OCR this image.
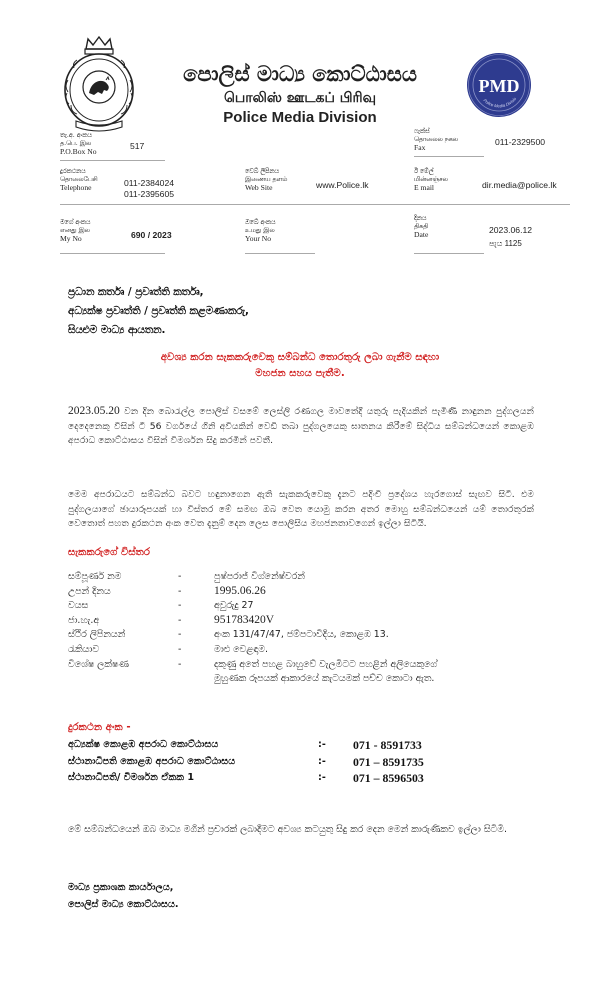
පොලිස් මාධ්‍ය කොට්ඨාසය
பொலிஸ் ஊடகப் பிரிவு
Police Media Division
PMD
Police Media Divisio
තැ.අ. අංකය
த.பெ. இல
P.O.Box No
517
ෆැක්ස්
தொலைல நகல
Fax
011-2329500
දුරකථනය
தொலைபேசி
Telephone	011-2384024
011-2395605
වෙබ් ලිපිනය
இணைய தளம்
Web Site	www.Police.lk
ඊ මේල්
மின்னஞ்சல
E mail	dir.media@police.lk
මගේ අංකය
எனது இல
My No	690 / 2023
ඔබේ අංකය
உமது இல
Your No
දිනය
திகதி
Date	2023.06.12
පැය 1125
ප්‍රධාන කර්තෘ / ප්‍රවෘත්ති කර්තෘ,
අධ්‍යක්ෂ ප්‍රවෘත්ති / ප්‍රවෘත්ති කළමණාකරු,
සියළුම මාධ්‍ය ආයතන.
අවශ්‍ය කරන සැකකරුවෙකු සම්බන්ධ තොරතුරු ලබා ගැනීම සඳහා
මහජන සහය පැතීම.
2023.05.20 වන දින බොරැල්ල පොලිස් වසමේ ලෙස්ලි රණගල මාවතේදී යතුරු පැදියකින් පැමිණි නාඳුනන පුද්ගලයන් දෙදෙනෙකු විසින් ටී 56 වර්ගයේ ගිනි අවියකින් වෙඩි තබා පුද්ගලයෙකු ඝාතනය කිරීමේ සිද්ධිය සම්බන්ධයෙන් කොළඹ අපරාධ කොට්ඨාසය විසින් විමර්ශන සිදු කරමින් පවතී.
මෙම අපරාධයට සම්බන්ධ බවට හඳුනාගෙන ඇති සැකකරුවෙකු දැනට පදිංචි ප්‍රදේශය හැරගොස් සැඟව සිටී. එම පුද්ගලයාගේ ඡායාරූපයක් හා විස්තර මේ සමඟ ඔබ වෙත යොමු කරන අතර මොහු සම්බන්ධයෙන් යම් තොරතුරක් වෙතොත් පහත දුරකථන අංක වෙත දැනුම් දෙන ලෙස පොලිසිය මහජනතාවගෙන් ඉල්ලා සිටියි.
සැකකරුගේ විස්තර
සම්පූර්ණ නම	-	පුෂ්පරාජ් විග්නේෂ්වරන්
උපන් දිනය	-	1995.06.26
වයස	-	අවුරුදු 27
ජා.හැ.අ	-	951783420V
ස්ථිර ලිපිනයන්	-	අංක 131/47/47, ජම්පටාවීදිය, කොළඹ 13.
රැකියාව	-	මාළු වෙළඳාම.
විශේෂ ලක්ෂණ	-	දකුණු අතේ පහළ බාහුවේ වැලමිටට පහළින් අලියෙකුගේ
මුහුණක රූපයක් ආකාරයේ කැටයමක් පච්ච කොටා ඇත.
දුරකථන අංක -
අධ්‍යක්ෂ කොළඹ අපරාධ කොට්ඨාසය	:- 071 - 8591733
ස්ථානාධිපති කොළඹ අපරාධ කොට්ඨාසය	:- 071 – 8591735
ස්ථානාධිපති/ විමර්ශන ඒකක 1	:- 071 – 8596503
මේ සම්බන්ධයෙන් ඔබ මාධ්‍ය මගින් ප්‍රචාරක් ලබාදීමට අවශ්‍ය කටයුතු සිදු කර දෙන මෙන් කාරුණිකව ඉල්ලා සිටිමි.
මාධ්‍ය ප්‍රකාශක කාර්යාලය,
පොලිස් මාධ්‍ය කොට්ඨාසය.
